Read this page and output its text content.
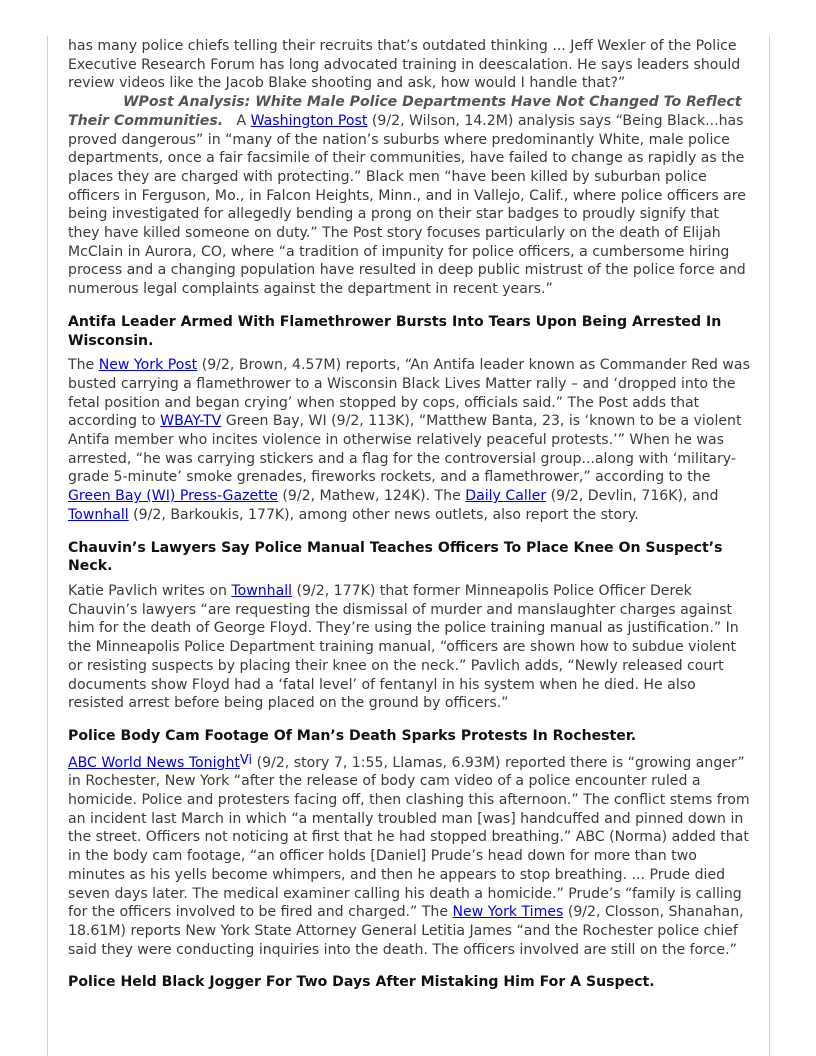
has many police chiefs telling their recruits that’s outdated thinking ... Jeff Wexler of the Police Executive Research Forum has long advocated training in deescalation. He says leaders should review videos like the Jacob Blake shooting and ask, how would I handle that?”

WPost Analysis: White Male Police Departments Have Not Changed To Reflect Their Communities.   A Washington Post (9/2, Wilson, 14.2M) analysis says “Being Black...has proved dangerous” in “many of the nation’s suburbs where predominantly White, male police departments, once a fair facsimile of their communities, have failed to change as rapidly as the places they are charged with protecting.” Black men “have been killed by suburban police officers in Ferguson, Mo., in Falcon Heights, Minn., and in Vallejo, Calif., where police officers are being investigated for allegedly bending a prong on their star badges to proudly signify that they have killed someone on duty.” The Post story focuses particularly on the death of Elijah McClain in Aurora, CO, where “a tradition of impunity for police officers, a cumbersome hiring process and a changing population have resulted in deep public mistrust of the police force and numerous legal complaints against the department in recent years.”

Antifa Leader Armed With Flamethrower Bursts Into Tears Upon Being Arrested In Wisconsin.

The New York Post (9/2, Brown, 4.57M) reports, “An Antifa leader known as Commander Red was busted carrying a flamethrower to a Wisconsin Black Lives Matter rally – and ‘dropped into the fetal position and began crying’ when stopped by cops, officials said.” The Post adds that according to WBAY-TV Green Bay, WI (9/2, 113K), “Matthew Banta, 23, is ‘known to be a violent Antifa member who incites violence in otherwise relatively peaceful protests.’” When he was arrested, “he was carrying stickers and a flag for the controversial group...along with ‘military-grade 5-minute’ smoke grenades, fireworks rockets, and a flamethrower,” according to the Green Bay (WI) Press-Gazette (9/2, Mathew, 124K). The Daily Caller (9/2, Devlin, 716K), and Townhall (9/2, Barkoukis, 177K), among other news outlets, also report the story.

Chauvin’s Lawyers Say Police Manual Teaches Officers To Place Knee On Suspect’s Neck.

Katie Pavlich writes on Townhall (9/2, 177K) that former Minneapolis Police Officer Derek Chauvin’s lawyers “are requesting the dismissal of murder and manslaughter charges against him for the death of George Floyd. They’re using the police training manual as justification.” In the Minneapolis Police Department training manual, “officers are shown how to subdue violent or resisting suspects by placing their knee on the neck.” Pavlich adds, “Newly released court documents show Floyd had a ‘fatal level’ of fentanyl in his system when he died. He also resisted arrest before being placed on the ground by officers.”

Police Body Cam Footage Of Man’s Death Sparks Protests In Rochester.

ABC World News Tonight$^{Vi}$ (9/2, story 7, 1:55, Llamas, 6.93M) reported there is “growing anger” in Rochester, New York “after the release of body cam video of a police encounter ruled a homicide. Police and protesters facing off, then clashing this afternoon.” The conflict stems from an incident last March in which “a mentally troubled man [was] handcuffed and pinned down in the street. Officers not noticing at first that he had stopped breathing.” ABC (Norma) added that in the body cam footage, “an officer holds [Daniel] Prude’s head down for more than two minutes as his yells become whimpers, and then he appears to stop breathing. ... Prude died seven days later. The medical examiner calling his death a homicide.” Prude’s “family is calling for the officers involved to be fired and charged.” The New York Times (9/2, Closson, Shanahan, 18.61M) reports New York State Attorney General Letitia James “and the Rochester police chief said they were conducting inquiries into the death. The officers involved are still on the force.”

Police Held Black Jogger For Two Days After Mistaking Him For A Suspect.
